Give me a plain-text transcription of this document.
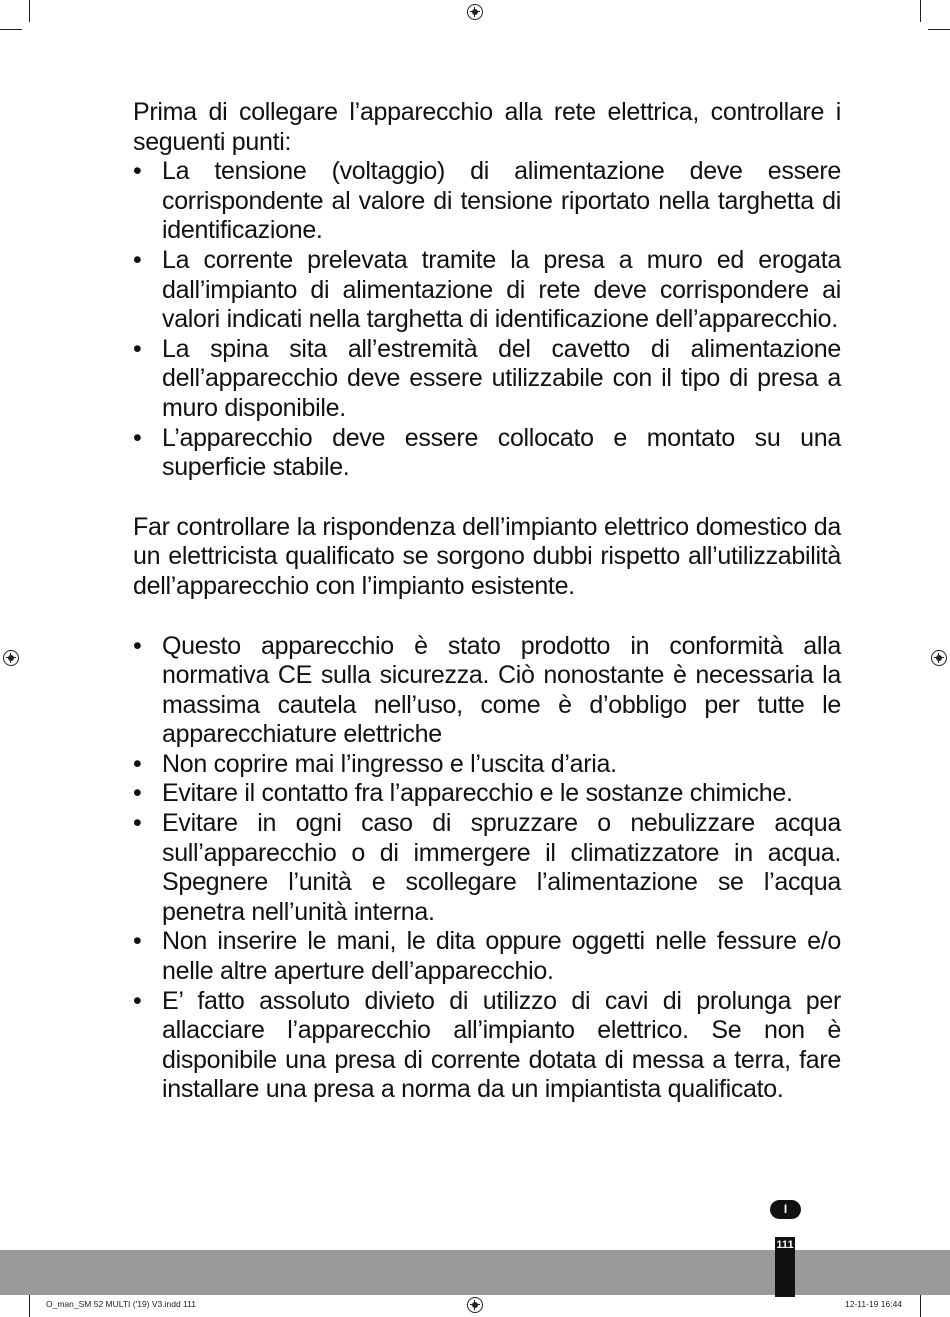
Prima di collegare l’apparecchio alla rete elettrica, controllare i seguenti punti:

• La tensione (voltaggio) di alimentazione deve essere corrispondente al valore di tensione riportato nella targhetta di identificazione.
• La corrente prelevata tramite la presa a muro ed erogata dall’impianto di alimentazione di rete deve corrispondere ai valori indicati nella targhetta di identificazione dell’apparecchio.
• La spina sita all’estremità del cavetto di alimentazione dell’apparecchio deve essere utilizzabile con il tipo di presa a muro disponibile.
• L’apparecchio deve essere collocato e montato su una superficie stabile.

Far controllare la rispondenza dell’impianto elettrico domestico da un elettricista qualificato se sorgono dubbi rispetto all’utilizzabilità dell’apparecchio con l’impianto esistente.

• Questo apparecchio è stato prodotto in conformità alla normativa CE sulla sicurezza. Ciò nonostante è necessaria la massima cautela nell’uso, come è d’obbligo per tutte le apparecchiature elettriche
• Non coprire mai l’ingresso e l’uscita d’aria.
• Evitare il contatto fra l’apparecchio e le sostanze chimiche.
• Evitare in ogni caso di spruzzare o nebulizzare acqua sull’apparecchio o di immergere il climatizzatore in acqua. Spegnere l’unità e scollegare l’alimentazione se l’acqua penetra nell’unità interna.
• Non inserire le mani, le dita oppure oggetti nelle fessure e/o nelle altre aperture dell’apparecchio.
• E’ fatto assoluto divieto di utilizzo di cavi di prolunga per allacciare l’apparecchio all’impianto elettrico. Se non è disponibile una presa di corrente dotata di messa a terra, fare installare una presa a norma da un impiantista qualificato.
I
111
O_man_SM 52 MULTI ('19) V3.indd 111	12-11-19 16:44
